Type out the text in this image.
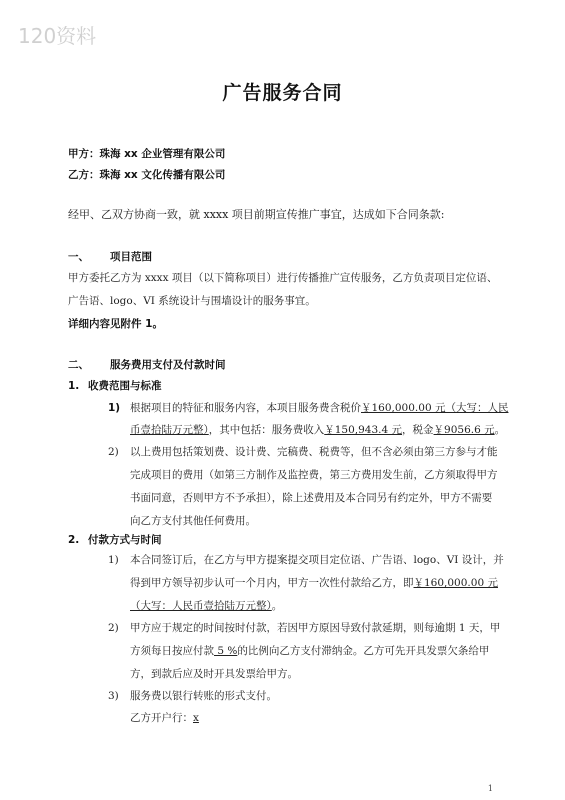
120资料
广告服务合同
甲方：珠海 xx 企业管理有限公司
乙方：珠海 xx 文化传播有限公司
经甲、乙双方协商一致，就 xxxx 项目前期宣传推广事宜，达成如下合同条款:
一、 项目范围
甲方委托乙方为 xxxx 项目（以下简称项目）进行传播推广宣传服务，乙方负责项目定位语、
广告语、logo、VI 系统设计与围墙设计的服务事宜。
详细内容见附件 1。
二、 服务费用支付及付款时间
1. 收费范围与标准
1) 根据项目的特征和服务内容，本项目服务费含税价￥160,000.00 元（大写：人民
币壹拾陆万元整），其中包括：服务费收入￥150,943.4 元，税金￥9056.6 元。
2) 以上费用包括策划费、设计费、完稿费、税费等，但不含必须由第三方参与才能
完成项目的费用（如第三方制作及监控费，第三方费用发生前，乙方须取得甲方
书面同意，否则甲方不予承担），除上述费用及本合同另有约定外，甲方不需要
向乙方支付其他任何费用。
2. 付款方式与时间
1) 本合同签订后，在乙方与甲方提案提交项目定位语、广告语、logo、VI 设计，并
得到甲方领导初步认可一个月内，甲方一次性付款给乙方，即￥160,000.00 元
（大写：人民币壹拾陆万元整）。
2) 甲方应于规定的时间按时付款，若因甲方原因导致付款延期，则每逾期 1 天，甲
方须每日按应付款 5 %的比例向乙方支付滞纳金。乙方可先开具发票欠条给甲
方，到款后应及时开具发票给甲方。
3) 服务费以银行转账的形式支付。
乙方开户行：x
1
